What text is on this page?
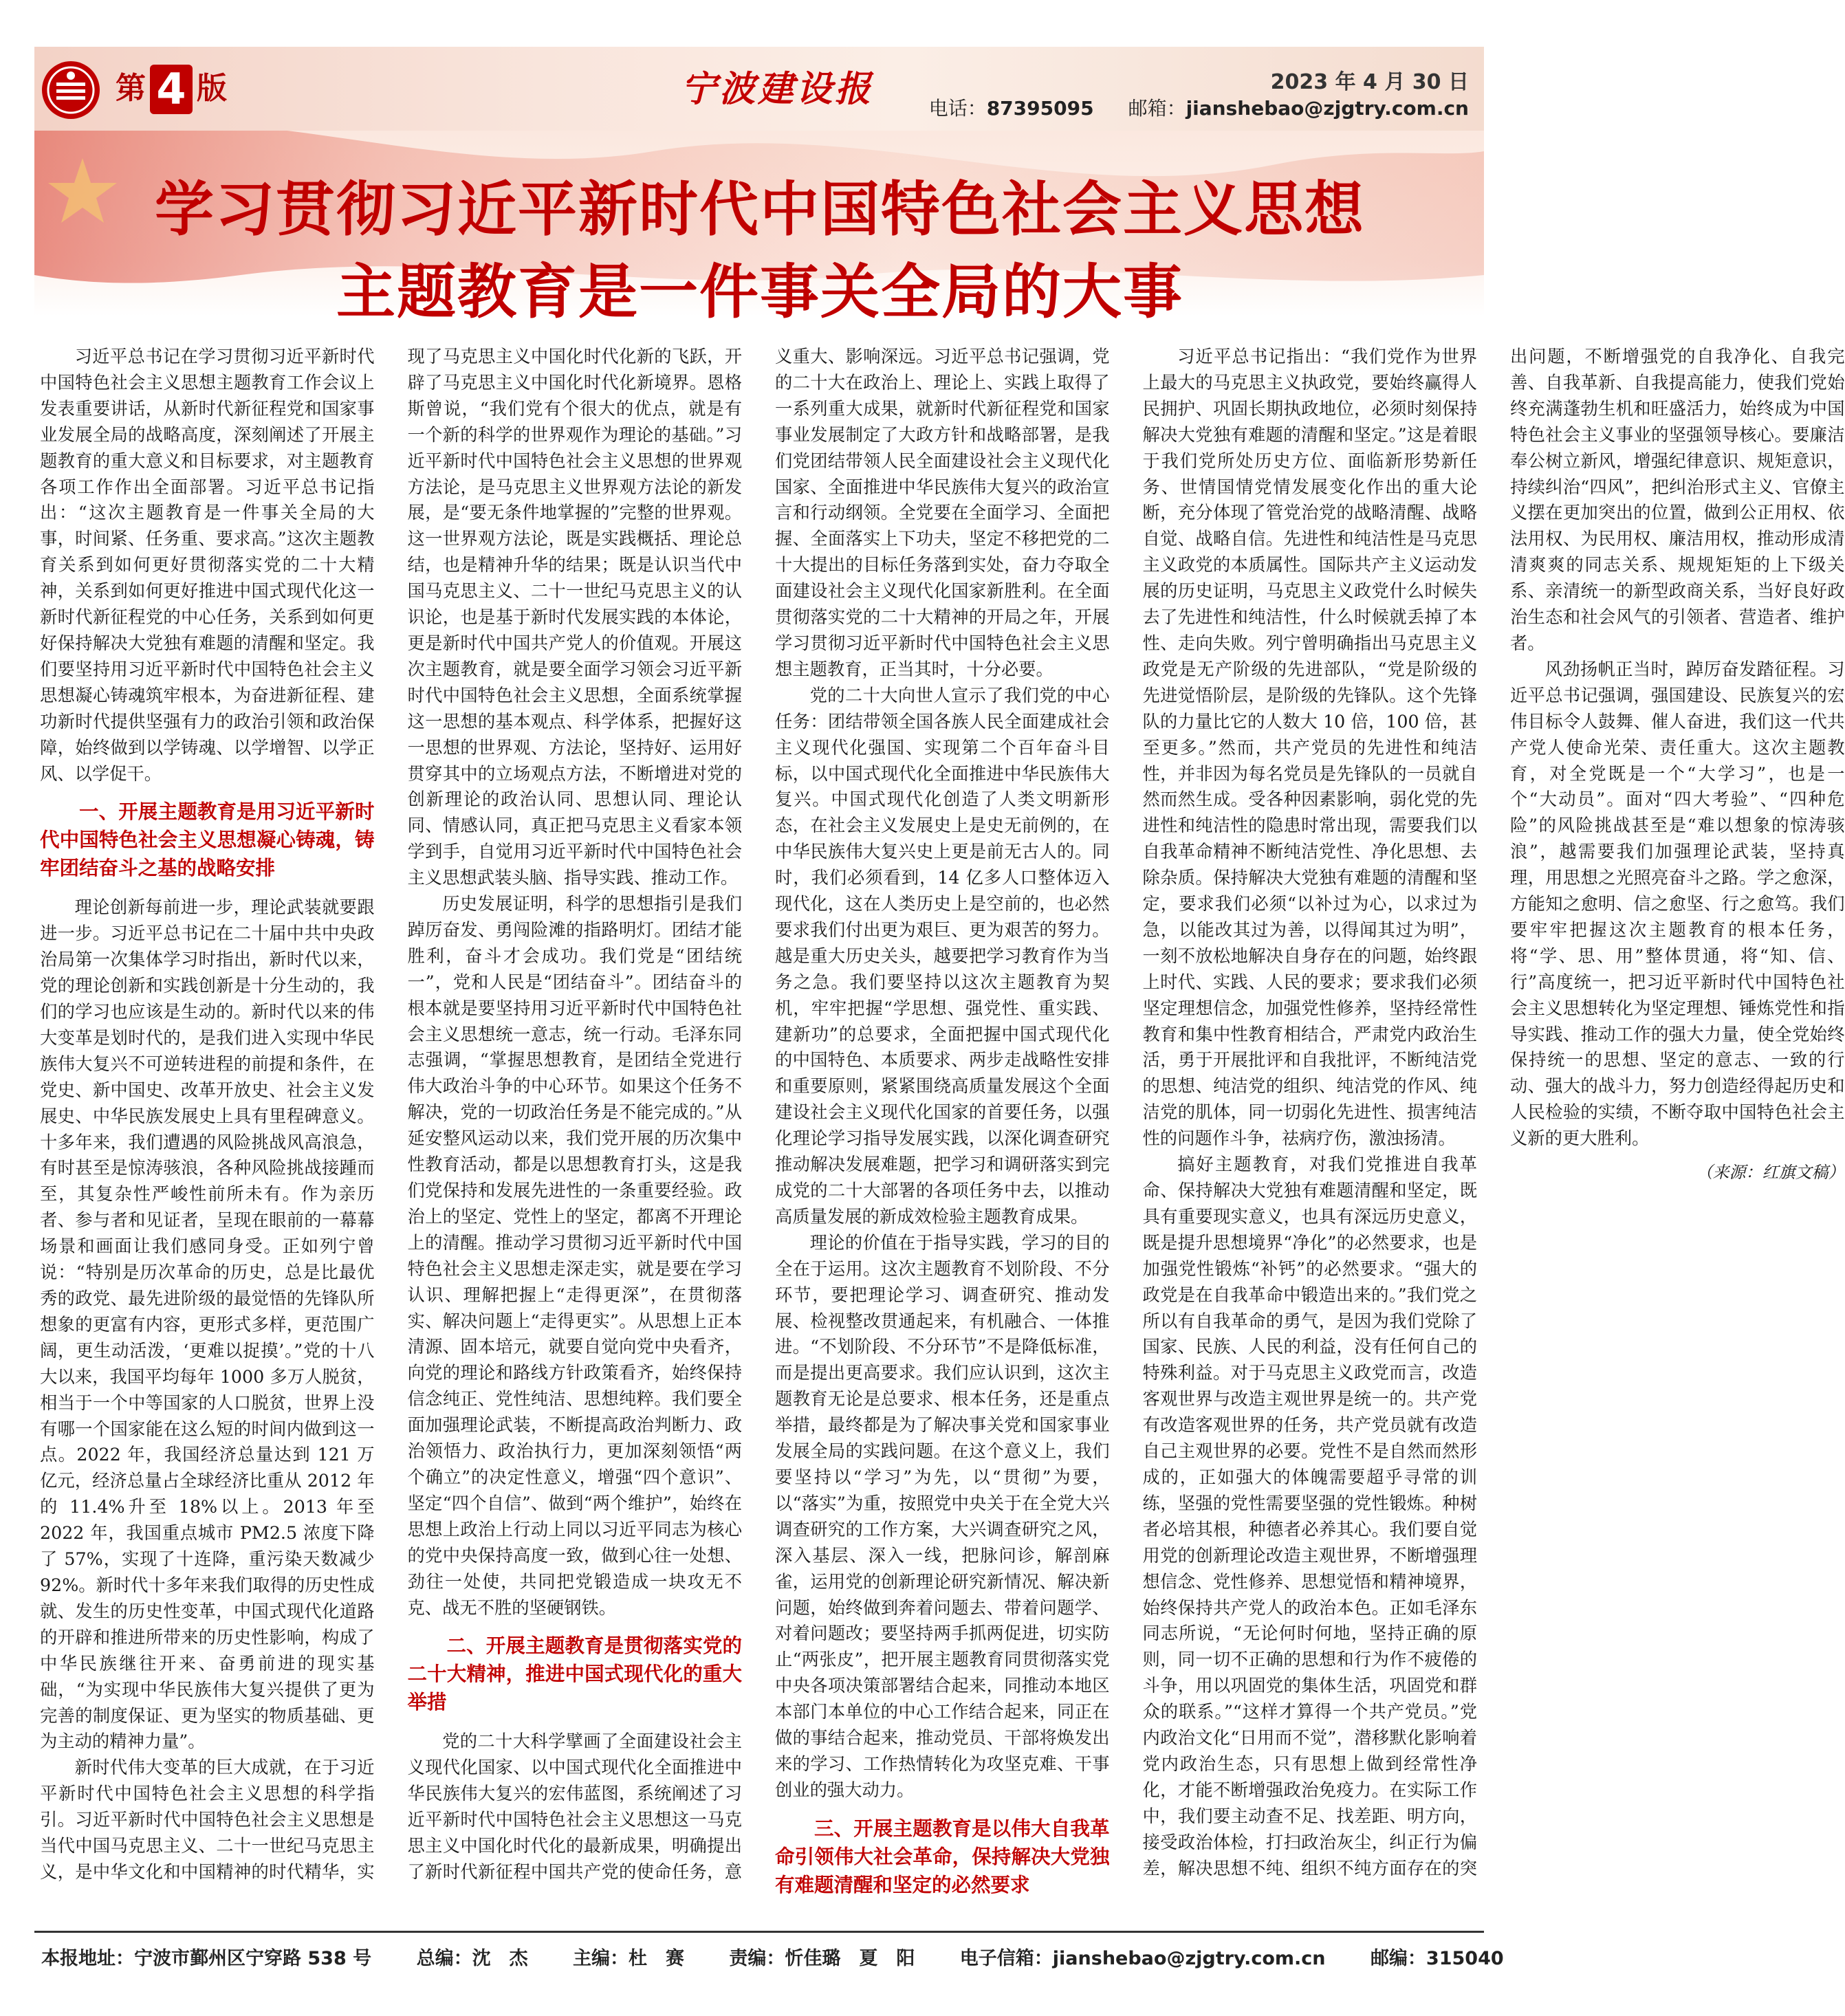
第 4 版	宁波建设报	2023 年 4 月 30 日
电话：87395095 邮箱：jianshebao@zjgtry.com.cn
学习贯彻习近平新时代中国特色社会主义思想
主题教育是一件事关全局的大事

习近平总书记在学习贯彻习近平新时代中国特色社会主义思想主题教育工作会议上发表重要讲话，从新时代新征程党和国家事业发展全局的战略高度，深刻阐述了开展主题教育的重大意义和目标要求，对主题教育各项工作作出全面部署。习近平总书记指出：“这次主题教育是一件事关全局的大事，时间紧、任务重、要求高。”这次主题教育关系到如何更好贯彻落实党的二十大精神，关系到如何更好推进中国式现代化这一新时代新征程党的中心任务，关系到如何更好保持解决大党独有难题的清醒和坚定。我们要坚持用习近平新时代中国特色社会主义思想凝心铸魂筑牢根本，为奋进新征程、建功新时代提供坚强有力的政治引领和政治保障，始终做到以学铸魂、以学增智、以学正风、以学促干。

一、开展主题教育是用习近平新时代中国特色社会主义思想凝心铸魂，铸牢团结奋斗之基的战略安排

理论创新每前进一步，理论武装就要跟进一步。习近平总书记在二十届中共中央政治局第一次集体学习时指出，新时代以来，党的理论创新和实践创新是十分生动的，我们的学习也应该是生动的。新时代以来的伟大变革是划时代的，是我们进入实现中华民族伟大复兴不可逆转进程的前提和条件，在党史、新中国史、改革开放史、社会主义发展史、中华民族发展史上具有里程碑意义。十多年来，我们遭遇的风险挑战风高浪急，有时甚至是惊涛骇浪，各种风险挑战接踵而至，其复杂性严峻性前所未有。作为亲历者、参与者和见证者，呈现在眼前的一幕幕场景和画面让我们感同身受。正如列宁曾说：“特别是历次革命的历史，总是比最优秀的政党、最先进阶级的最觉悟的先锋队所想象的更富有内容，更形式多样，更范围广阔，更生动活泼，‘更难以捉摸’。”党的十八大以来，我国平均每年 1000 多万人脱贫，相当于一个中等国家的人口脱贫，世界上没有哪一个国家能在这么短的时间内做到这一点。2022 年，我国经济总量达到 121 万亿元，经济总量占全球经济比重从 2012 年的 11.4%升至 18%以上。2013 年至 2022 年，我国重点城市 PM2.5 浓度下降了 57%，实现了十连降，重污染天数减少 92%。新时代十多年来我们取得的历史性成就、发生的历史性变革，中国式现代化道路的开辟和推进所带来的历史性影响，构成了中华民族继往开来、奋勇前进的现实基础，“为实现中华民族伟大复兴提供了更为完善的制度保证、更为坚实的物质基础、更为主动的精神力量”。

新时代伟大变革的巨大成就，在于习近平新时代中国特色社会主义思想的科学指引。习近平新时代中国特色社会主义思想是当代中国马克思主义、二十一世纪马克思主义，是中华文化和中国精神的时代精华，实现了马克思主义中国化时代化新的飞跃，开辟了马克思主义中国化时代化新境界。恩格斯曾说，“我们党有个很大的优点，就是有一个新的科学的世界观作为理论的基础。”习近平新时代中国特色社会主义思想的世界观方法论，是马克思主义世界观方法论的新发展，是“要无条件地掌握的”完整的世界观。这一世界观方法论，既是实践概括、理论总结，也是精神升华的结果；既是认识当代中国马克思主义、二十一世纪马克思主义的认识论，也是基于新时代发展实践的本体论，更是新时代中国共产党人的价值观。开展这次主题教育，就是要全面学习领会习近平新时代中国特色社会主义思想，全面系统掌握这一思想的基本观点、科学体系，把握好这一思想的世界观、方法论，坚持好、运用好贯穿其中的立场观点方法，不断增进对党的创新理论的政治认同、思想认同、理论认同、情感认同，真正把马克思主义看家本领学到手，自觉用习近平新时代中国特色社会主义思想武装头脑、指导实践、推动工作。

历史发展证明，科学的思想指引是我们踔厉奋发、勇闯险滩的指路明灯。团结才能胜利，奋斗才会成功。我们党是“团结统一”，党和人民是“团结奋斗”。团结奋斗的根本就是要坚持用习近平新时代中国特色社会主义思想统一意志，统一行动。毛泽东同志强调，“掌握思想教育，是团结全党进行伟大政治斗争的中心环节。如果这个任务不解决，党的一切政治任务是不能完成的。”从延安整风运动以来，我们党开展的历次集中性教育活动，都是以思想教育打头，这是我们党保持和发展先进性的一条重要经验。政治上的坚定、党性上的坚定，都离不开理论上的清醒。推动学习贯彻习近平新时代中国特色社会主义思想走深走实，就是要在学习认识、理解把握上“走得更深”，在贯彻落实、解决问题上“走得更实”。从思想上正本清源、固本培元，就要自觉向党中央看齐，向党的理论和路线方针政策看齐，始终保持信念纯正、党性纯洁、思想纯粹。我们要全面加强理论武装，不断提高政治判断力、政治领悟力、政治执行力，更加深刻领悟“两个确立”的决定性意义，增强“四个意识”、坚定“四个自信”、做到“两个维护”，始终在思想上政治上行动上同以习近平同志为核心的党中央保持高度一致，做到心往一处想、劲往一处使，共同把党锻造成一块攻无不克、战无不胜的坚硬钢铁。

二、开展主题教育是贯彻落实党的二十大精神，推进中国式现代化的重大举措

党的二十大科学擘画了全面建设社会主义现代化国家、以中国式现代化全面推进中华民族伟大复兴的宏伟蓝图，系统阐述了习近平新时代中国特色社会主义思想这一马克思主义中国化时代化的最新成果，明确提出了新时代新征程中国共产党的使命任务，意义重大、影响深远。习近平总书记强调，党的二十大在政治上、理论上、实践上取得了一系列重大成果，就新时代新征程党和国家事业发展制定了大政方针和战略部署，是我们党团结带领人民全面建设社会主义现代化国家、全面推进中华民族伟大复兴的政治宣言和行动纲领。全党要在全面学习、全面把握、全面落实上下功夫，坚定不移把党的二十大提出的目标任务落到实处，奋力夺取全面建设社会主义现代化国家新胜利。在全面贯彻落实党的二十大精神的开局之年，开展学习贯彻习近平新时代中国特色社会主义思想主题教育，正当其时，十分必要。

党的二十大向世人宣示了我们党的中心任务：团结带领全国各族人民全面建成社会主义现代化强国、实现第二个百年奋斗目标，以中国式现代化全面推进中华民族伟大复兴。中国式现代化创造了人类文明新形态，在社会主义发展史上是史无前例的，在中华民族伟大复兴史上更是前无古人的。同时，我们必须看到，14 亿多人口整体迈入现代化，这在人类历史上是空前的，也必然要求我们付出更为艰巨、更为艰苦的努力。越是重大历史关头，越要把学习教育作为当务之急。我们要坚持以这次主题教育为契机，牢牢把握“学思想、强党性、重实践、建新功”的总要求，全面把握中国式现代化的中国特色、本质要求、两步走战略性安排和重要原则，紧紧围绕高质量发展这个全面建设社会主义现代化国家的首要任务，以强化理论学习指导发展实践，以深化调查研究推动解决发展难题，把学习和调研落实到完成党的二十大部署的各项任务中去，以推动高质量发展的新成效检验主题教育成果。

理论的价值在于指导实践，学习的目的全在于运用。这次主题教育不划阶段、不分环节，要把理论学习、调查研究、推动发展、检视整改贯通起来，有机融合、一体推进。“不划阶段、不分环节”不是降低标准，而是提出更高要求。我们应认识到，这次主题教育无论是总要求、根本任务，还是重点举措，最终都是为了解决事关党和国家事业发展全局的实践问题。在这个意义上，我们要坚持以“学习”为先，以“贯彻”为要，以“落实”为重，按照党中央关于在全党大兴调查研究的工作方案，大兴调查研究之风，深入基层、深入一线，把脉问诊，解剖麻雀，运用党的创新理论研究新情况、解决新问题，始终做到奔着问题去、带着问题学、对着问题改；要坚持两手抓两促进，切实防止“两张皮”，把开展主题教育同贯彻落实党中央各项决策部署结合起来，同推动本地区本部门本单位的中心工作结合起来，同正在做的事结合起来，推动党员、干部将焕发出来的学习、工作热情转化为攻坚克难、干事创业的强大动力。

三、开展主题教育是以伟大自我革命引领伟大社会革命，保持解决大党独有难题清醒和坚定的必然要求

习近平总书记指出：“我们党作为世界上最大的马克思主义执政党，要始终赢得人民拥护、巩固长期执政地位，必须时刻保持解决大党独有难题的清醒和坚定。”这是着眼于我们党所处历史方位、面临新形势新任务、世情国情党情发展变化作出的重大论断，充分体现了管党治党的战略清醒、战略自觉、战略自信。先进性和纯洁性是马克思主义政党的本质属性。国际共产主义运动发展的历史证明，马克思主义政党什么时候失去了先进性和纯洁性，什么时候就丢掉了本性、走向失败。列宁曾明确指出马克思主义政党是无产阶级的先进部队，“党是阶级的先进觉悟阶层，是阶级的先锋队。这个先锋队的力量比它的人数大 10 倍，100 倍，甚至更多。”然而，共产党员的先进性和纯洁性，并非因为每名党员是先锋队的一员就自然而然生成。受各种因素影响，弱化党的先进性和纯洁性的隐患时常出现，需要我们以自我革命精神不断纯洁党性、净化思想、去除杂质。保持解决大党独有难题的清醒和坚定，要求我们必须“以补过为心，以求过为急，以能改其过为善，以得闻其过为明”，一刻不放松地解决自身存在的问题，始终跟上时代、实践、人民的要求；要求我们必须坚定理想信念，加强党性修养，坚持经常性教育和集中性教育相结合，严肃党内政治生活，勇于开展批评和自我批评，不断纯洁党的思想、纯洁党的组织、纯洁党的作风、纯洁党的肌体，同一切弱化先进性、损害纯洁性的问题作斗争，祛病疗伤，激浊扬清。

搞好主题教育，对我们党推进自我革命、保持解决大党独有难题清醒和坚定，既具有重要现实意义，也具有深远历史意义，既是提升思想境界“净化”的必然要求，也是加强党性锻炼“补钙”的必然要求。“强大的政党是在自我革命中锻造出来的。”我们党之所以有自我革命的勇气，是因为我们党除了国家、民族、人民的利益，没有任何自己的特殊利益。对于马克思主义政党而言，改造客观世界与改造主观世界是统一的。共产党有改造客观世界的任务，共产党员就有改造自己主观世界的必要。党性不是自然而然形成的，正如强大的体魄需要超乎寻常的训练，坚强的党性需要坚强的党性锻炼。种树者必培其根，种德者必养其心。我们要自觉用党的创新理论改造主观世界，不断增强理想信念、党性修养、思想觉悟和精神境界，始终保持共产党人的政治本色。正如毛泽东同志所说，“无论何时何地，坚持正确的原则，同一切不正确的思想和行为作不疲倦的斗争，用以巩固党的集体生活，巩固党和群众的联系。”“这样才算得一个共产党员。”党内政治文化“日用而不觉”，潜移默化影响着党内政治生态，只有思想上做到经常性净化，才能不断增强政治免疫力。在实际工作中，我们要主动查不足、找差距、明方向，接受政治体检，打扫政治灰尘，纠正行为偏差，解决思想不纯、组织不纯方面存在的突出问题，不断增强党的自我净化、自我完善、自我革新、自我提高能力，使我们党始终充满蓬勃生机和旺盛活力，始终成为中国特色社会主义事业的坚强领导核心。要廉洁奉公树立新风，增强纪律意识、规矩意识，持续纠治“四风”，把纠治形式主义、官僚主义摆在更加突出的位置，做到公正用权、依法用权、为民用权、廉洁用权，推动形成清清爽爽的同志关系、规规矩矩的上下级关系、亲清统一的新型政商关系，当好良好政治生态和社会风气的引领者、营造者、维护者。

风劲扬帆正当时，踔厉奋发踏征程。习近平总书记强调，强国建设、民族复兴的宏伟目标令人鼓舞、催人奋进，我们这一代共产党人使命光荣、责任重大。这次主题教育，对全党既是一个“大学习”，也是一个“大动员”。面对“四大考验”、“四种危险”的风险挑战甚至是“难以想象的惊涛骇浪”，越需要我们加强理论武装，坚持真理，用思想之光照亮奋斗之路。学之愈深，方能知之愈明、信之愈坚、行之愈笃。我们要牢牢把握这次主题教育的根本任务，将“学、思、用”整体贯通，将“知、信、行”高度统一，把习近平新时代中国特色社会主义思想转化为坚定理想、锤炼党性和指导实践、推动工作的强大力量，使全党始终保持统一的思想、坚定的意志、一致的行动、强大的战斗力，努力创造经得起历史和人民检验的实绩，不断夺取中国特色社会主义新的更大胜利。

（来源：红旗文稿）
本报地址：宁波市鄞州区宁穿路 538 号 总编：沈　杰 主编：杜　赛 责编：忻佳璐　夏　阳 电子信箱：jianshebao@zjgtry.com.cn 邮编：315040
